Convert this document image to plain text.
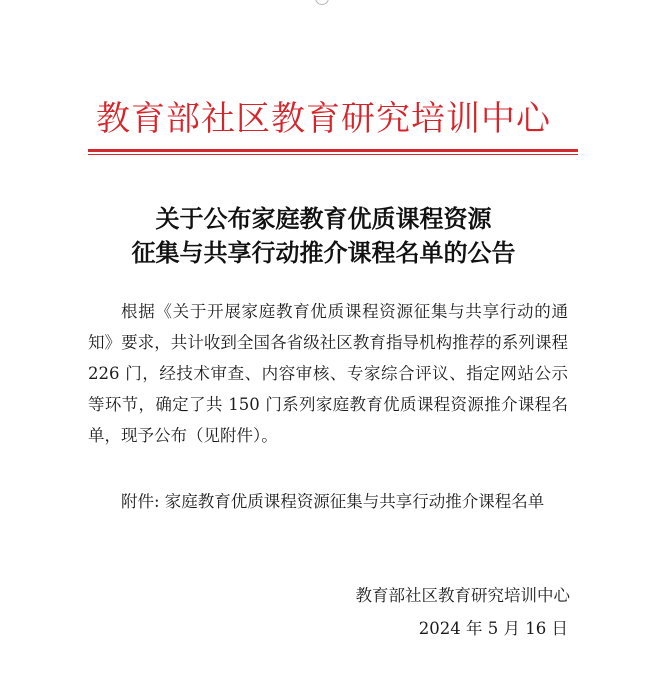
教育部社区教育研究培训中心
关于公布家庭教育优质课程资源
征集与共享行动推介课程名单的公告

根据《关于开展家庭教育优质课程资源征集与共享行动的通知》要求，共计收到全国各省级社区教育指导机构推荐的系列课程 226 门，经技术审查、内容审核、专家综合评议、指定网站公示等环节，确定了共 150 门系列家庭教育优质课程资源推介课程名单，现予公布（见附件）。

附件: 家庭教育优质课程资源征集与共享行动推介课程名单
教育部社区教育研究培训中心
2024 年 5 月 16 日
